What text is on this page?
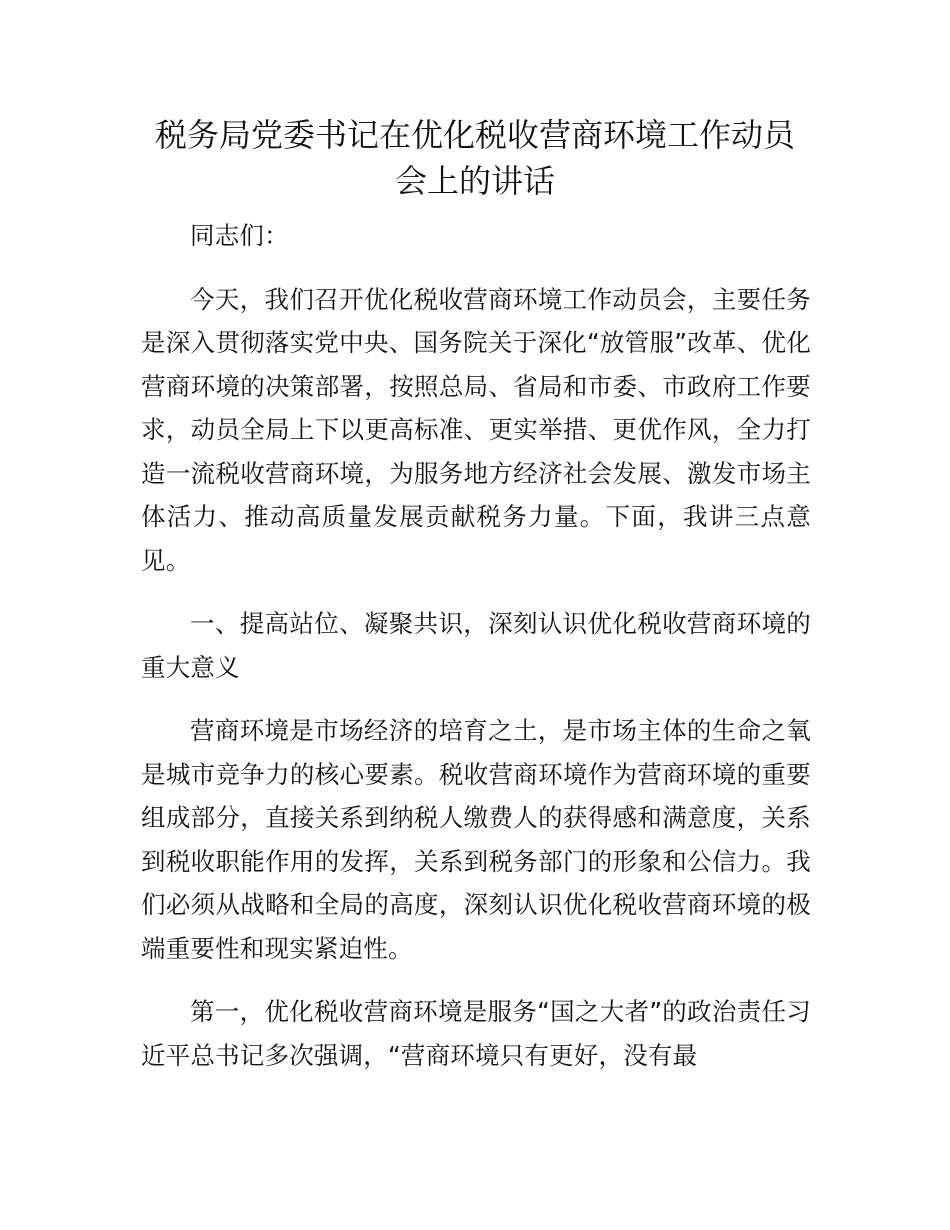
税务局党委书记在优化税收营商环境工作动员会上的讲话

同志们：

今天，我们召开优化税收营商环境工作动员会，主要任务是深入贯彻落实党中央、国务院关于深化“放管服”改革、优化营商环境的决策部署，按照总局、省局和市委、市政府工作要求，动员全局上下以更高标准、更实举措、更优作风，全力打造一流税收营商环境，为服务地方经济社会发展、激发市场主体活力、推动高质量发展贡献税务力量。下面，我讲三点意见。

一、提高站位、凝聚共识，深刻认识优化税收营商环境的重大意义

营商环境是市场经济的培育之土，是市场主体的生命之氧是城市竞争力的核心要素。税收营商环境作为营商环境的重要组成部分，直接关系到纳税人缴费人的获得感和满意度，关系到税收职能作用的发挥，关系到税务部门的形象和公信力。我们必须从战略和全局的高度，深刻认识优化税收营商环境的极端重要性和现实紧迫性。

第一，优化税收营商环境是服务“国之大者”的政治责任习近平总书记多次强调，“营商环境只有更好，没有最
